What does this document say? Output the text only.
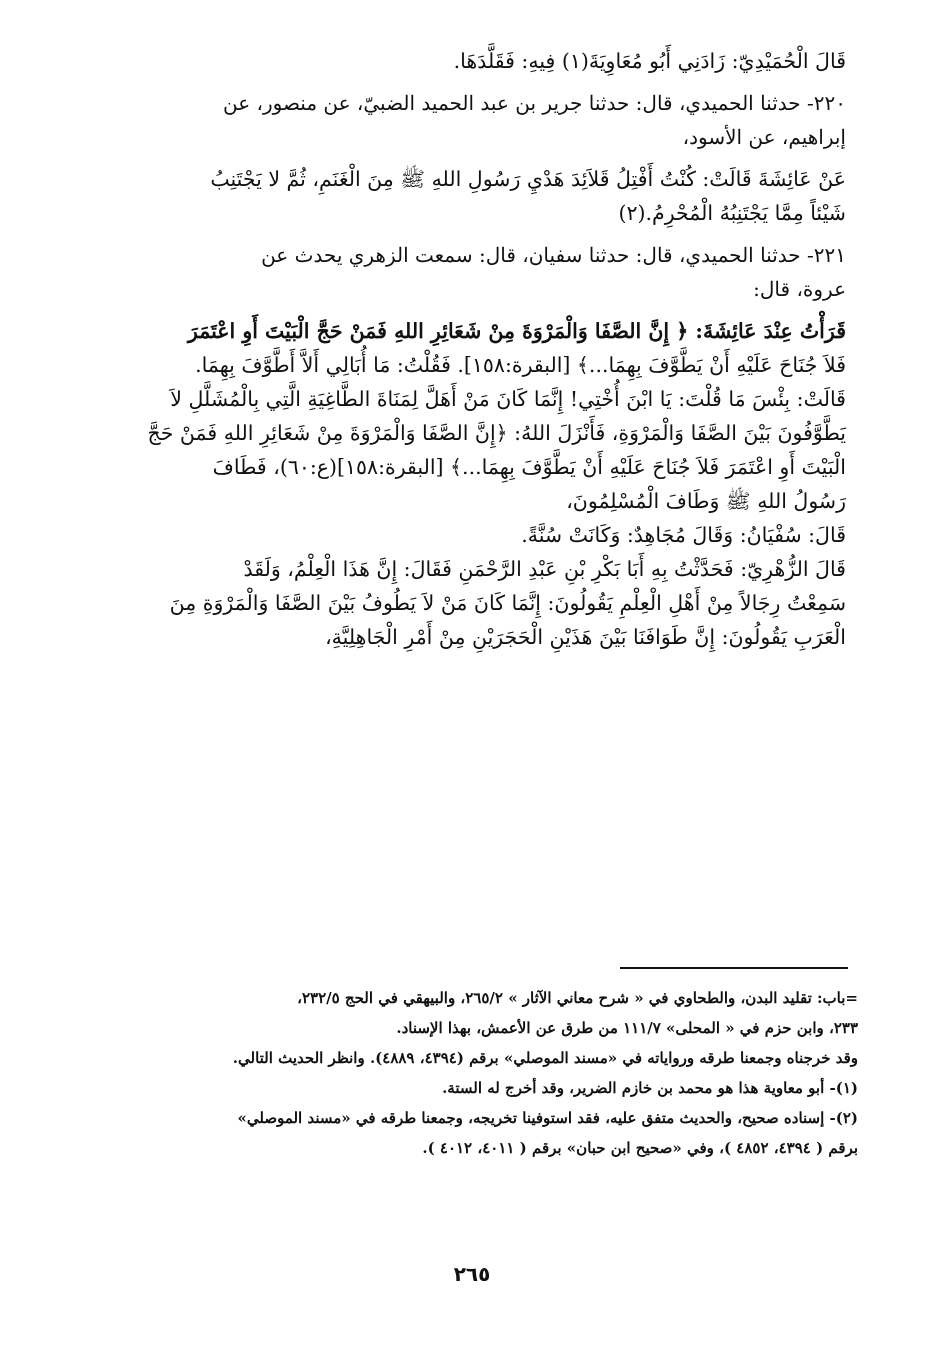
قَالَ الْحُمَيْدِيّ: زَادَنِي أَبُو مُعَاوِيَةَ(١) فِيهِ: فَقَلَّدَهَا.

٢٢٠- حدثنا الحميدي، قال: حدثنا جرير بن عبد الحميد الضبيّ، عن منصور، عن

إبراهيم، عن الأسود،

عَنْ عَائِشَةَ قَالَتْ: كُنْتُ أَفْتِلُ قَلاَئِدَ هَدْيِ رَسُولِ اللهِ ﷺ مِنَ الْغَنَمِ، ثُمَّ لا يَجْتَنِبُ

شَيْئاً مِمَّا يَجْتَنِبُهُ الْمُحْرِمُ.(٢)

٢٢١- حدثنا الحميدي، قال: حدثنا سفيان، قال: سمعت الزهري يحدث عن

عروة، قال:

قَرَأْتُ عِنْدَ عَائِشَةَ: ﴿ إِنَّ الصَّفَا وَالْمَرْوَةَ مِنْ شَعَائِرِ اللهِ فَمَنْ حَجَّ الْبَيْتَ أَوِ اعْتَمَرَ

فَلاَ جُنَاحَ عَلَيْهِ أَنْ يَطَّوَّفَ بِهِمَا...﴾ [البقرة:١٥٨]. فَقُلْتُ: مَا أُبَالِي أَلاَّ أَطَّوَّفَ بِهِمَا.

قَالَتْ: بِئْسَ مَا قُلْتَ: يَا ابْنَ أُخْتِي! إِنَّمَا كَانَ مَنْ أَهَلَّ لِمَنَاةَ الطَّاغِيَةِ الَّتِي بِالْمُشَلَّلِ لاَ

يَطَّوَّفُونَ بَيْنَ الصَّفَا وَالْمَرْوَةِ، فَأَنْزَلَ اللهُ: ﴿إِنَّ الصَّفَا وَالْمَرْوَةَ مِنْ شَعَائِرِ اللهِ فَمَنْ حَجَّ

الْبَيْتَ أَوِ اعْتَمَرَ فَلاَ جُنَاحَ عَلَيْهِ أَنْ يَطَّوَّفَ بِهِمَا...﴾ [البقرة:١٥٨](ع:٦٠)، فَطَافَ

رَسُولُ اللهِ ﷺ وَطَافَ الْمُسْلِمُونَ،

قَالَ: سُفْيَانُ: وَقَالَ مُجَاهِدٌ: وَكَانَتْ سُنَّةً.

قَالَ الزُّهْرِيّ: فَحَدَّثْتُ بِهِ أَبَا بَكْرِ بْنِ عَبْدِ الرَّحْمَنِ فَقَالَ: إِنَّ هَذَا الْعِلْمُ، وَلَقَدْ

سَمِعْتُ رِجَالاً مِنْ أَهْلِ الْعِلْمِ يَقُولُونَ: إِنَّمَا كَانَ مَنْ لاَ يَطُوفُ بَيْنَ الصَّفَا وَالْمَرْوَةِ مِنَ

الْعَرَبِ يَقُولُونَ: إِنَّ طَوَافَنَا بَيْنَ هَذَيْنِ الْحَجَرَيْنِ مِنْ أَمْرِ الْجَاهِلِيَّةِ،

=باب: تقليد البدن، والطحاوي في « شرح معاني الآثار » ٢٦٥/٢، والبيهقي في الحج ٢٣٢/٥،

٢٣٣، وابن حزم في « المحلى» ١١١/٧ من طرق عن الأعمش، بهذا الإسناد.

وقد خرجناه وجمعنا طرقه ورواياته في «مسند الموصلي» برقم (٤٣٩٤، ٤٨٨٩). وانظر الحديث التالي.

(١)- أبو معاوية هذا هو محمد بن خازم الضرير، وقد أخرج له الستة.

(٢)- إسناده صحيح، والحديث متفق عليه، فقد استوفينا تخريجه، وجمعنا طرقه في «مسند الموصلي»

برقم ( ٤٣٩٤، ٤٨٥٢ )، وفي «صحيح ابن حبان» برقم ( ٤٠١١، ٤٠١٢ ).

٢٦٥
